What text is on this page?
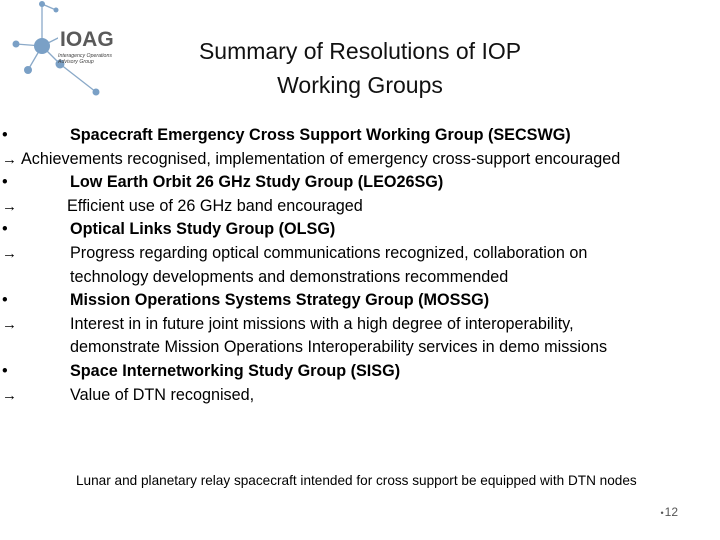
IOAG
Interagency Operations
Advisory Group	Summary of Resolutions of IOP
Working Groups
•	Spacecraft Emergency Cross Support Working Group (SECSWG)
→ Achievements recognised, implementation of emergency cross-support encouraged
•	Low Earth Orbit 26 GHz Study Group (LEO26SG)
→	Efficient use of 26 GHz band encouraged
•	Optical Links Study Group (OLSG)
→	Progress regarding optical communications recognized, collaboration on
technology developments and demonstrations recommended
•	Mission Operations Systems Strategy Group (MOSSG)
→	Interest in in future joint missions with a high degree of interoperability,
demonstrate Mission Operations Interoperability services in demo missions
•	Space Internetworking Study Group (SISG)
→	Value of DTN recognised,
Lunar and planetary relay spacecraft intended for cross support be equipped with DTN nodes
•12
